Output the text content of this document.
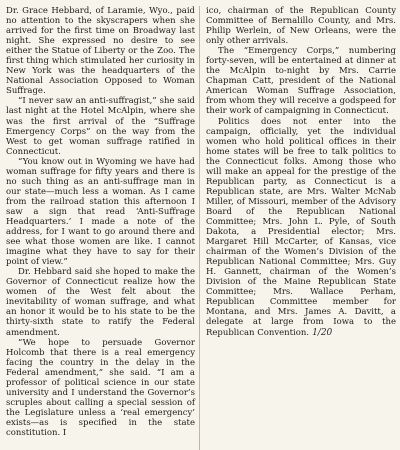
Dr. Grace Hebbard, of Laramie, Wyo., paid no attention to the skyscrapers when she arrived for the first time on Broadway last night. She expressed no desire to see either the Statue of Liberty or the Zoo. The first thing which stimulated her curiosity in New York was the headquarters of the National Association Opposed to Woman Suffrage.

“I never saw an anti-suffragist,” she said last night at the Hotel McAlpin, where she was the first arrival of the “Suffrage Emergency Corps” on the way from the West to get woman suffrage ratified in Connecticut.

“You know out in Wyoming we have had woman suffrage for fifty years and there is no such thing as an anti-suffrage man in our state—much less a woman. As I came from the railroad station this afternoon I saw a sign that read ‘Anti-Suffrage Headquarters.’ I made a note of the address, for I want to go around there and see what those women are like. I cannot imagine what they have to say for their point of view.”

Dr. Hebbard said she hoped to make the Governor of Connecticut realize how the women of the West felt about the inevitability of woman suffrage, and what an honor it would be to his state to be the thirty-sixth state to ratify the Federal amendment.

“We hope to persuade Governor Holcomb that there is a real emergency facing the country in the delay in the Federal amendment,” she said. “I am a professor of political science in our state university and I understand the Governor’s scruples about calling a special session of the Legislature unless a ‘real emergency’ exists—as is specified in the state constitution. I

ico, chairman of the Republican County Committee of Bernalillo County, and Mrs. Philip Werlein, of New Orleans, were the only other arrivals.

The “Emergency Corps,” numbering forty-seven, will be entertained at dinner at the McAlpin to-night by Mrs. Carrie Chapman Catt, president of the National American Woman Suffrage Association, from whom they will receive a godspeed for their work of campaigning in Connecticut.

Politics does not enter into the campaign, officially, yet the individual women who hold political offices in their home states will be free to talk politics to the Connecticut folks. Among those who will make an appeal for the prestige of the Republican party, as Connecticut is a Republican state, are Mrs. Walter McNab Miller, of Missouri, member of the Advisory Board of the Republican National Committee; Mrs. John L. Pyle, of South Dakota, a Presidential elector; Mrs. Margaret Hill McCarter, of Kansas, vice chairman of the Women’s Division of the Republican National Committee; Mrs. Guy H. Gannett, chairman of the Women’s Division of the Maine Republican State Committee; Mrs. Wallace Perham, Republican Committee member for Montana, and Mrs. James A. Davitt, a delegate at large from Iowa to the Republican Convention. 1/20
